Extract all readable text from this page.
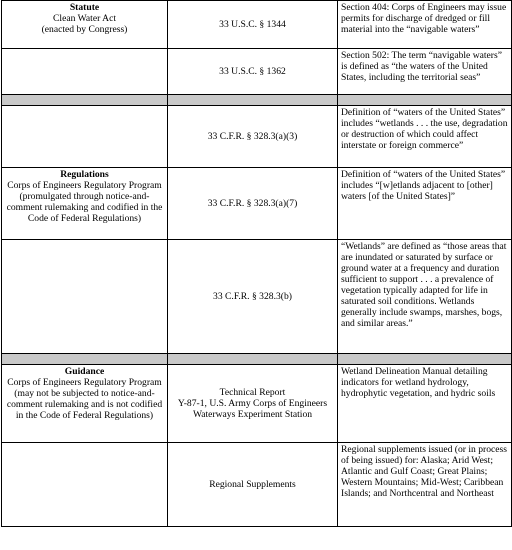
Statute
Clean Water Act
(enacted by Congress)	33 U.S.C. § 1344	Section 404: Corps of Engineers may issue permits for discharge of dredged or fill material into the “navigable waters”
	33 U.S.C. § 1362	Section 502: The term “navigable waters” is defined as “the waters of the United States, including the territorial seas”

	33 C.F.R. § 328.3(a)(3)	Definition of “waters of the United States” includes “wetlands . . . the use, degradation or destruction of which could affect interstate or foreign commerce”

Regulations
Corps of Engineers Regulatory Program (promulgated through notice-and-comment rulemaking and codified in the Code of Federal Regulations)	33 C.F.R. § 328.3(a)(7)	Definition of “waters of the United States” includes “[w]etlands adjacent to [other] waters [of the United States]”
	33 C.F.R. § 328.3(b)	“Wetlands” are defined as “those areas that are inundated or saturated by surface or ground water at a frequency and duration sufficient to support . . . a prevalence of vegetation typically adapted for life in saturated soil conditions. Wetlands generally include swamps, marshes, bogs, and similar areas.”

Guidance
Corps of Engineers Regulatory Program (may not be subjected to notice-and-comment rulemaking and is not codified in the Code of Federal Regulations)	Technical Report
Y-87-1, U.S. Army Corps of Engineers
Waterways Experiment Station	Wetland Delineation Manual detailing indicators for wetland hydrology, hydrophytic vegetation, and hydric soils
	Regional Supplements	Regional supplements issued (or in process of being issued) for: Alaska; Arid West; Atlantic and Gulf Coast; Great Plains; Western Mountains; Mid-West; Caribbean Islands; and Northcentral and Northeast
